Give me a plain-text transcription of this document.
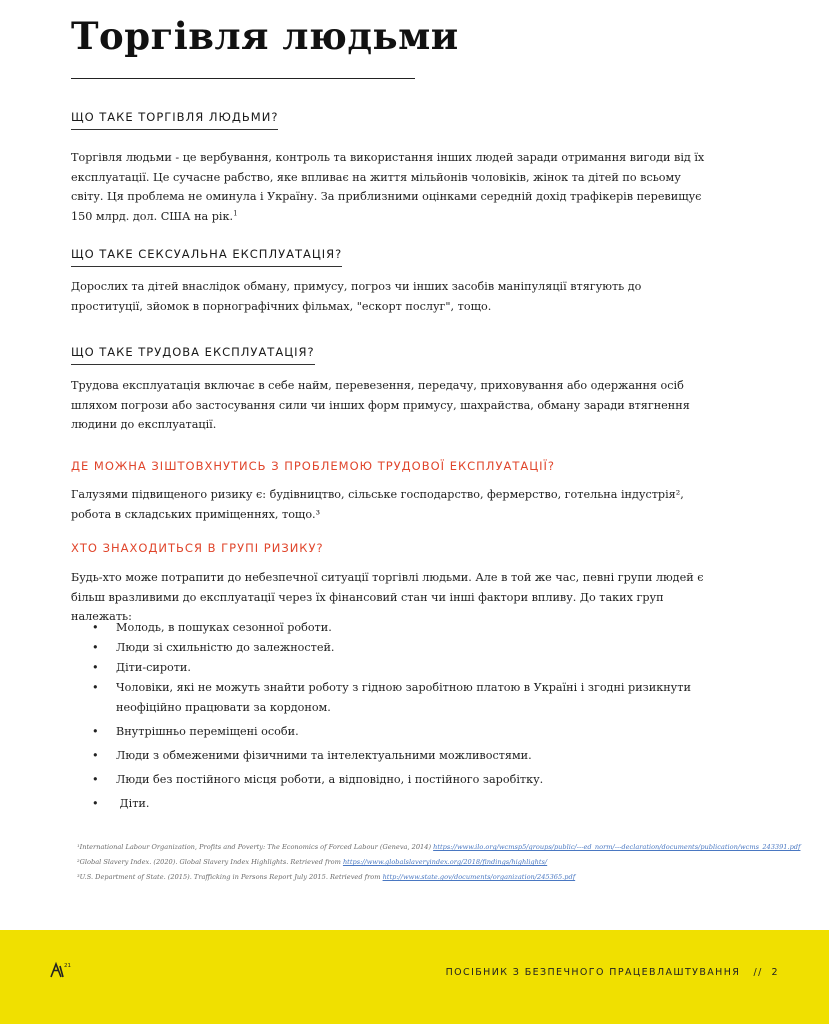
Торгівля людьми
ЩО ТАКЕ ТОРГІВЛЯ ЛЮДЬМИ?
Торгівля людьми - це вербування, контроль та використання інших людей заради отримання вигоди від їх експлуатації. Це сучасне рабство, яке впливає на життя мільйонів чоловіків, жінок та дітей по всьому світу. Ця проблема не оминула і Україну. За приблизними оцінками середній дохід трафікерів перевищує 150 млрд. дол. США на рік.$^1$
ЩО ТАКЕ СЕКСУАЛЬНА ЕКСПЛУАТАЦІЯ?
Дорослих та дітей внаслідок обману, примусу, погроз чи інших засобів маніпуляції втягують до проституції, зйомок в порнографічних фільмах, "ескорт послуг", тощо.
ЩО ТАКЕ ТРУДОВА ЕКСПЛУАТАЦІЯ?
Трудова експлуатація включає в себе найм, перевезення, передачу, приховування або одержання осіб шляхом погрози або застосування сили чи інших форм примусу, шахрайства, обману заради втягнення людини до експлуатації.
ДЕ МОЖНА ЗІШТОВХНУТИСЬ З ПРОБЛЕМОЮ ТРУДОВОЇ ЕКСПЛУАТАЦІЇ?
Галузями підвищеного ризику є: будівництво, сільське господарство, фермерство, готельна індустрія², робота в складських приміщеннях, тощо.³
ХТО ЗНАХОДИТЬСЯ В ГРУПІ РИЗИКУ?
Будь-хто може потрапити до небезпечної ситуації торгівлі людьми. Але в той же час, певні групи людей є більш вразливими до експлуатації через їх фінансовий стан чи інші фактори впливу. До таких груп належать:
• Молодь, в пошуках сезонної роботи.
• Люди зі схильністю до залежностей.
• Діти-сироти.
• Чоловіки, які не можуть знайти роботу з гідною заробітною платою в Україні і згодні ризикнути неофіційно працювати за кордоном.
• Внутрішньо переміщені особи.
• Люди з обмеженими фізичними та інтелектуальними можливостями.
• Люди без постійного місця роботи, а відповідно, і постійного заробітку.
• Діти.
¹International Labour Organization, Profits and Poverty: The Economics of Forced Labour (Geneva, 2014) https://www.ilo.org/wcmsp5/groups/public/---ed_norm/---declaration/documents/publication/wcms_243391.pdf
²Global Slavery Index. (2020). Global Slavery Index Highlights. Retrieved from https://www.globalslaveryindex.org/2018/findings/highlights/
³U.S. Department of State. (2015). Trafficking in Persons Report July 2015. Retrieved from http://www.state.gov/documents/organization/245365.pdf
21
ПОСІБНИК З БЕЗПЕЧНОГО ПРАЦЕВЛАШТУВАННЯ   //  2
